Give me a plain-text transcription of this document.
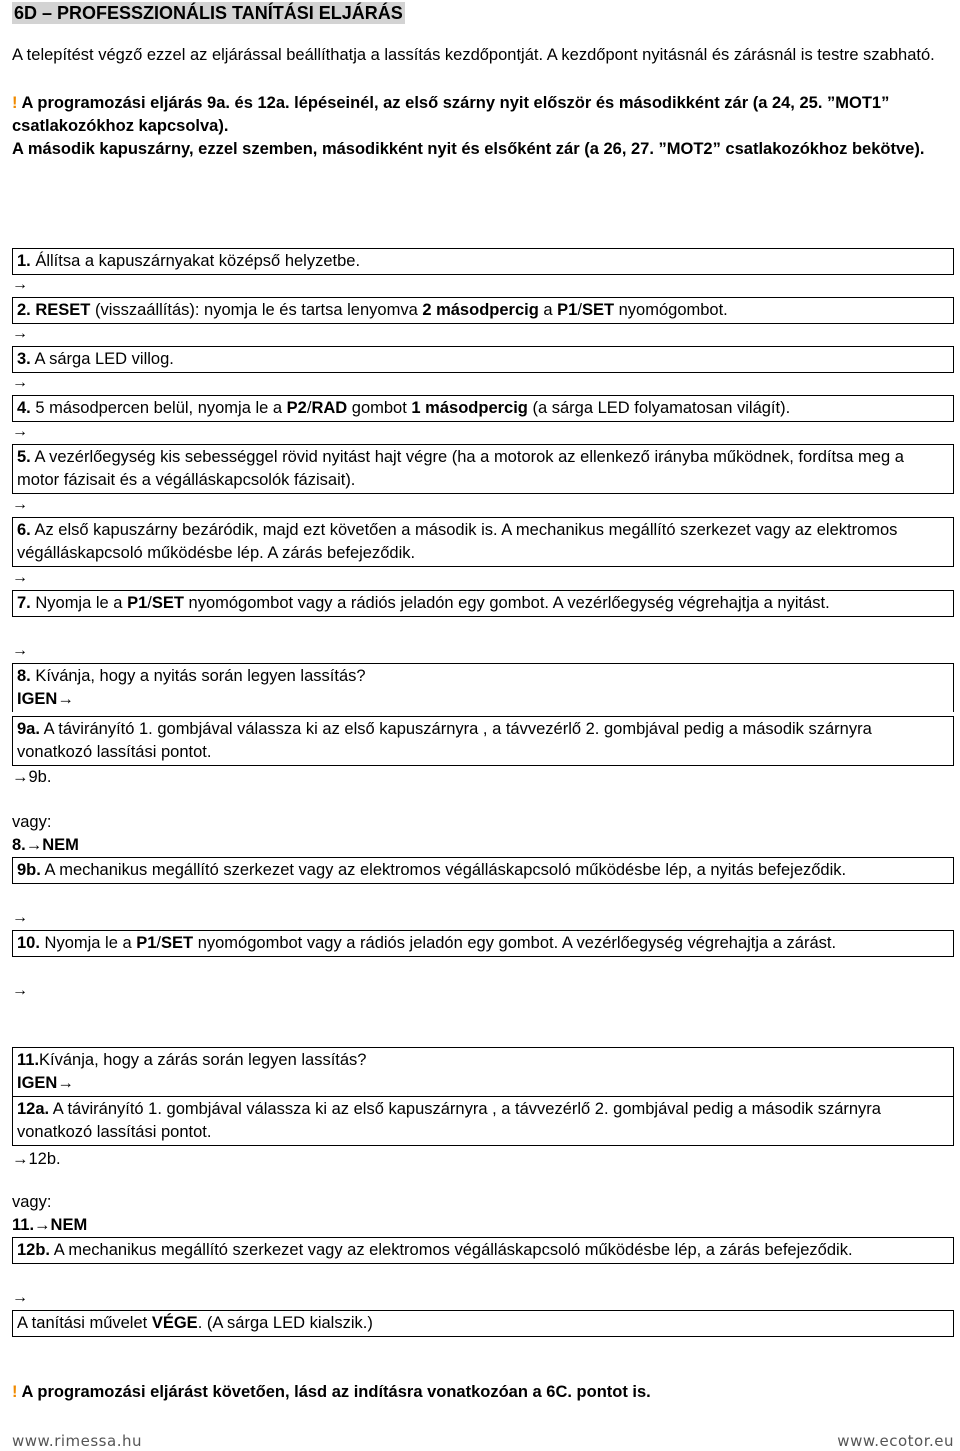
6D – PROFESSZIONÁLIS TANÍTÁSI ELJÁRÁS
A telepítést végző ezzel az eljárással beállíthatja a lassítás kezdőpontját. A kezdőpont nyitásnál és zárásnál is testre szabható.
! A programozási eljárás 9a. és 12a. lépéseinél, az első szárny nyit először és másodikként zár (a 24, 25. ”MOT1” csatlakozókhoz kapcsolva).
A második kapuszárny, ezzel szemben, másodikként nyit és elsőként zár (a 26, 27. ”MOT2” csatlakozókhoz bekötve).
1. Állítsa a kapuszárnyakat középső helyzetbe.
→
2. RESET (visszaállítás): nyomja le és tartsa lenyomva 2 másodpercig a P1/SET nyomógombot.
→
3. A sárga LED villog.
→
4. 5 másodpercen belül, nyomja le a P2/RAD gombot 1 másodpercig (a sárga LED folyamatosan világít).
→
5. A vezérlőegység kis sebességgel rövid nyitást hajt végre (ha a motorok az ellenkező irányba működnek, fordítsa meg a motor fázisait és a végálláskapcsolók fázisait).
→
6. Az első kapuszárny bezáródik, majd ezt követően a második is. A mechanikus megállító szerkezet vagy az elektromos végálláskapcsoló működésbe lép. A zárás befejeződik.
→
7. Nyomja le a P1/SET nyomógombot vagy a rádiós jeladón egy gombot. A vezérlőegység végrehajtja a nyitást.
→
8. Kívánja, hogy a nyitás során legyen lassítás?
IGEN→
9a. A távirányító 1. gombjával válassza ki az első kapuszárnyra , a távvezérlő 2. gombjával pedig a második szárnyra vonatkozó lassítási pontot.
→9b.
vagy:
8.→NEM
9b. A mechanikus megállító szerkezet vagy az elektromos végálláskapcsoló működésbe lép, a nyitás befejeződik.
→
10. Nyomja le a P1/SET nyomógombot vagy a rádiós jeladón egy gombot. A vezérlőegység végrehajtja a zárást.
→
11.Kívánja, hogy a zárás során legyen lassítás?
IGEN→
12a. A távirányító 1. gombjával válassza ki az első kapuszárnyra , a távvezérlő 2. gombjával pedig a második szárnyra vonatkozó lassítási pontot.
→12b.
vagy:
11.→NEM
12b. A mechanikus megállító szerkezet vagy az elektromos végálláskapcsoló működésbe lép, a zárás befejeződik.
→
A tanítási művelet VÉGE. (A sárga LED kialszik.)
! A programozási eljárást követően, lásd az indításra vonatkozóan a 6C. pontot is.
www.rimessa.hu	www.ecotor.eu
